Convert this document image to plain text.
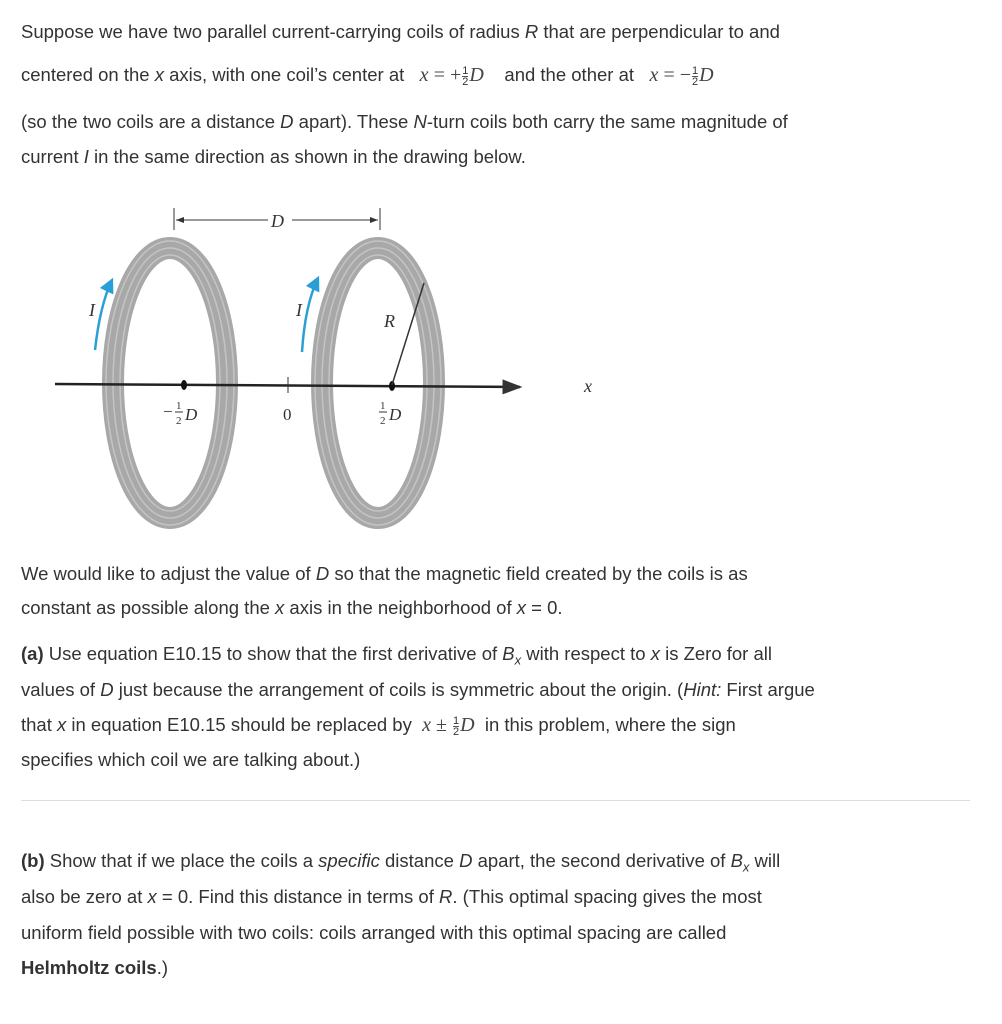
Suppose we have two parallel current-carrying coils of radius R that are perpendicular to and
centered on the x axis, with one coil’s center at x = + $\frac{1}{2}$ D and the other at x = − $\frac{1}{2}$ D
(so the two coils are a distance D apart). These N-turn coils both carry the same magnitude of
current I in the same direction as shown in the drawing below.
x
0
− 1
2 D	1
2 D
D
R
I	I
We would like to adjust the value of D so that the magnetic field created by the coils is as
constant as possible along the x axis in the neighborhood of x = 0.
(a) Use equation E10.15 to show that the first derivative of $B_x$ with respect to x is Zero for all
values of D just because the arrangement of coils is symmetric about the origin. (Hint: First argue
that x in equation E10.15 should be replaced by $x \pm \frac{1}{2}$ D in this problem, where the sign
specifies which coil we are talking about.)
(b) Show that if we place the coils a specific distance D apart, the second derivative of $B_x$ will
also be zero at x = 0. Find this distance in terms of R. (This optimal spacing gives the most
uniform field possible with two coils: coils arranged with this optimal spacing are called
Helmholtz coils.)
